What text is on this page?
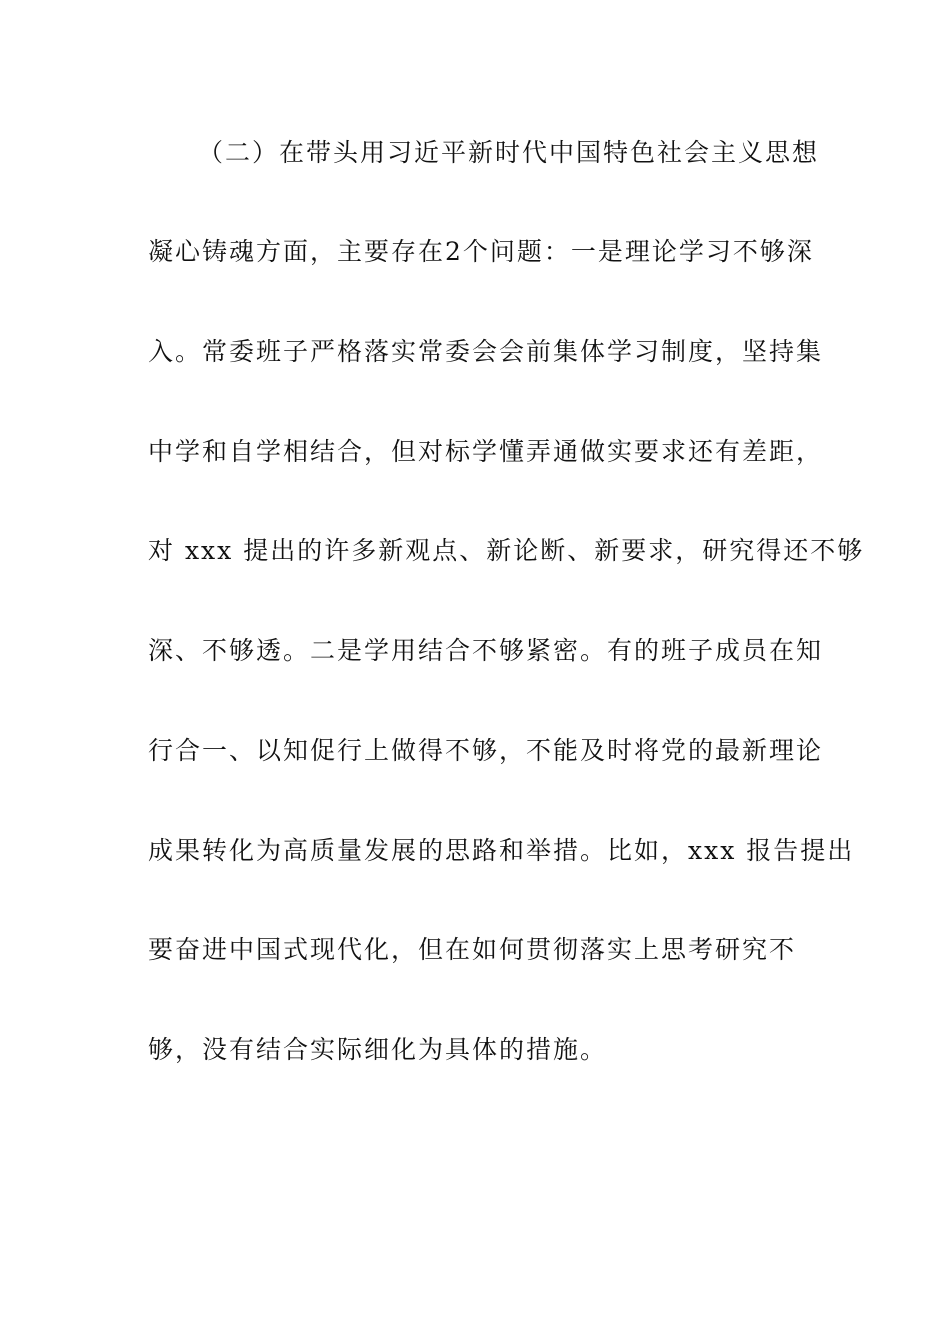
（二）在带头用习近平新时代中国特色社会主义思想
凝心铸魂方面，主要存在2个问题：一是理论学习不够深
入。常委班子严格落实常委会会前集体学习制度，坚持集
中学和自学相结合，但对标学懂弄通做实要求还有差距，
对 xxx 提出的许多新观点、新论断、新要求，研究得还不够
深、不够透。二是学用结合不够紧密。有的班子成员在知
行合一、以知促行上做得不够，不能及时将党的最新理论
成果转化为高质量发展的思路和举措。比如，xxx 报告提出
要奋进中国式现代化，但在如何贯彻落实上思考研究不
够，没有结合实际细化为具体的措施。
